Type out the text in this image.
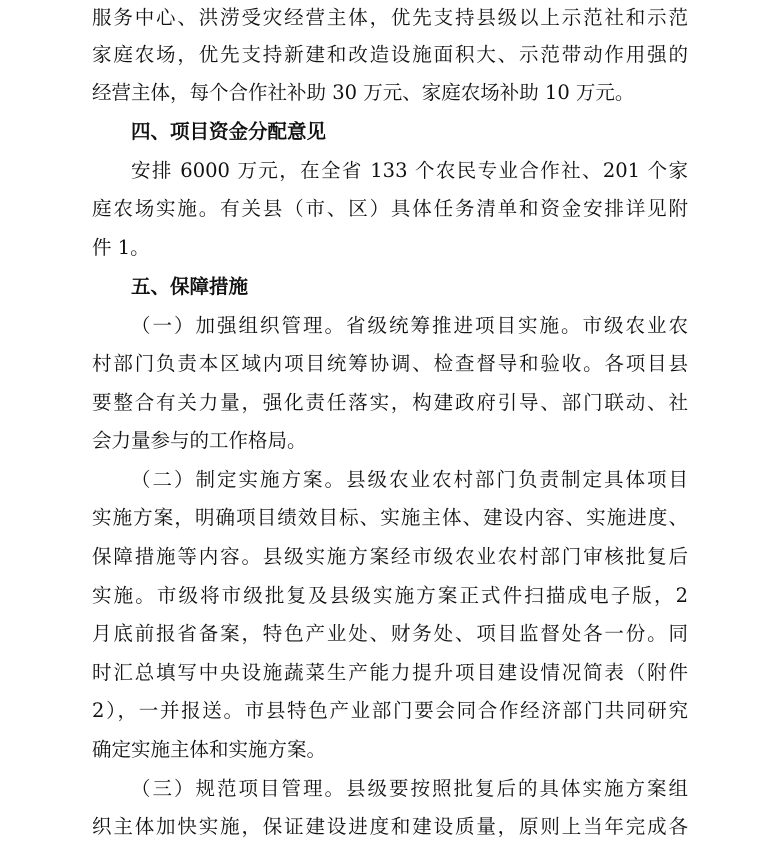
服务中心、洪涝受灾经营主体，优先支持县级以上示范社和示范
家庭农场，优先支持新建和改造设施面积大、示范带动作用强的
经营主体，每个合作社补助 30 万元、家庭农场补助 10 万元。
四、项目资金分配意见
安排 6000 万元，在全省 133 个农民专业合作社、201 个家
庭农场实施。有关县（市、区）具体任务清单和资金安排详见附
件 1。
五、保障措施
（一）加强组织管理。省级统筹推进项目实施。市级农业农
村部门负责本区域内项目统筹协调、检查督导和验收。各项目县
要整合有关力量，强化责任落实，构建政府引导、部门联动、社
会力量参与的工作格局。
（二）制定实施方案。县级农业农村部门负责制定具体项目
实施方案，明确项目绩效目标、实施主体、建设内容、实施进度、
保障措施等内容。县级实施方案经市级农业农村部门审核批复后
实施。市级将市级批复及县级实施方案正式件扫描成电子版，2
月底前报省备案，特色产业处、财务处、项目监督处各一份。同
时汇总填写中央设施蔬菜生产能力提升项目建设情况简表（附件
2），一并报送。市县特色产业部门要会同合作经济部门共同研究
确定实施主体和实施方案。
（三）规范项目管理。县级要按照批复后的具体实施方案组
织主体加快实施，保证建设进度和建设质量，原则上当年完成各
